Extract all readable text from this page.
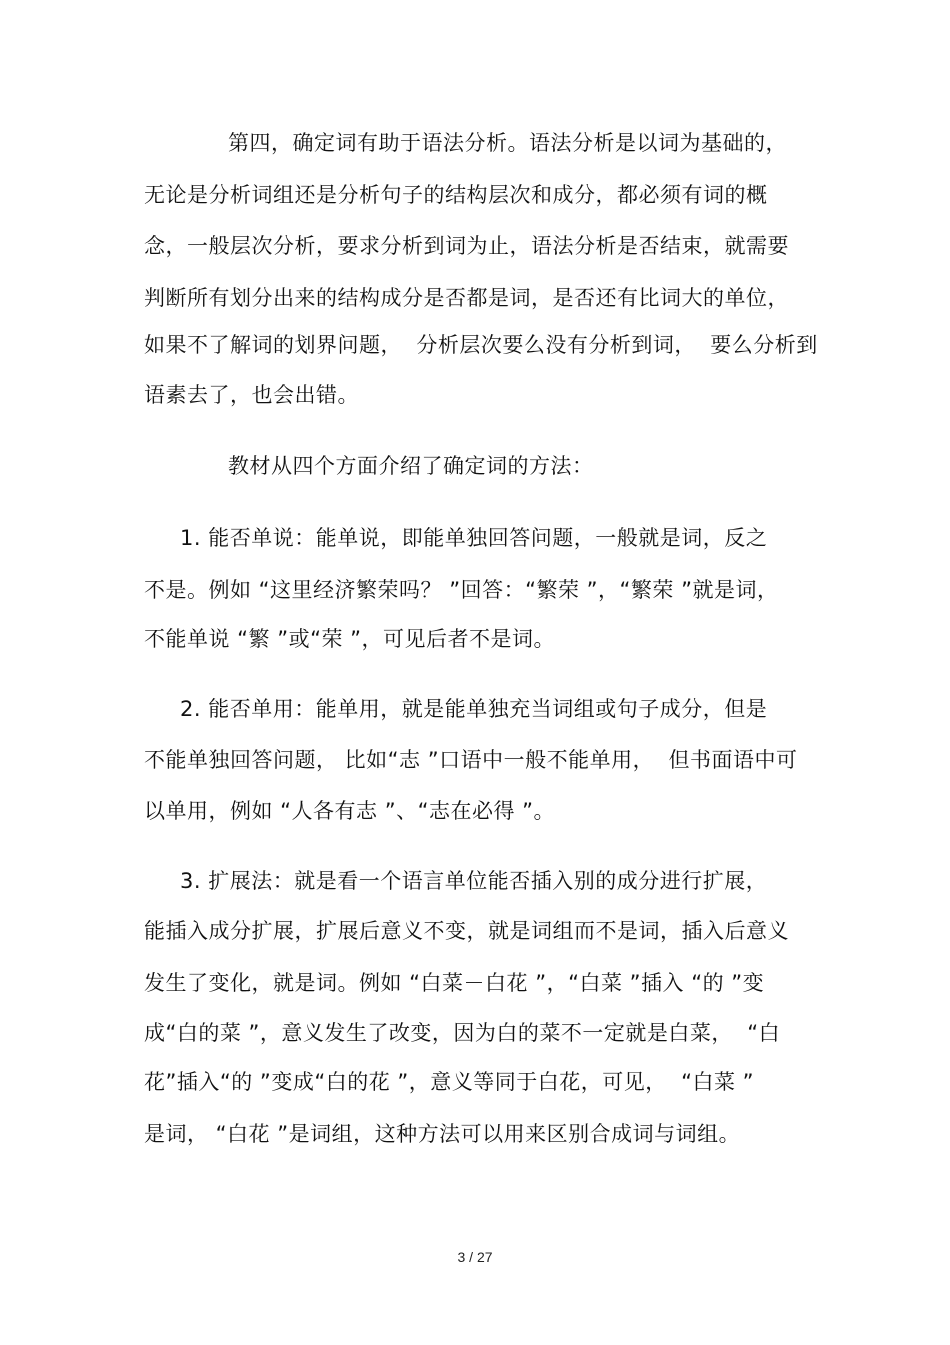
第四，确定词有助于语法分析。语法分析是以词为基础的，
无论是分析词组还是分析句子的结构层次和成分，都必须有词的概
念，一般层次分析，要求分析到词为止，语法分析是否结束，就需要
判断所有划分出来的结构成分是否都是词，是否还有比词大的单位，
如果不了解词的划界问题，  分析层次要么没有分析到词，  要么分析到
语素去了，也会出错。
教材从四个方面介绍了确定词的方法：
1. 能否单说：能单说，即能单独回答问题，一般就是词，反之
不是。例如 “这里经济繁荣吗？ ”回答：“繁荣 ”，“繁荣 ”就是词，
不能单说 “繁 ”或“荣 ”，可见后者不是词。
2. 能否单用：能单用，就是能单独充当词组或句子成分，但是
不能单独回答问题， 比如“志 ”口语中一般不能单用，  但书面语中可
以单用，例如 “人各有志 ”、“志在必得 ”。
3. 扩展法：就是看一个语言单位能否插入别的成分进行扩展，
能插入成分扩展，扩展后意义不变，就是词组而不是词，插入后意义
发生了变化，就是词。例如 “白菜－白花 ”，“白菜 ”插入 “的 ”变
成“白的菜 ”，意义发生了改变，因为白的菜不一定就是白菜，  “白
花”插入“的 ”变成“白的花 ”，意义等同于白花，可见，  “白菜 ”
是词， “白花 ”是词组，这种方法可以用来区别合成词与词组。
3 / 27
